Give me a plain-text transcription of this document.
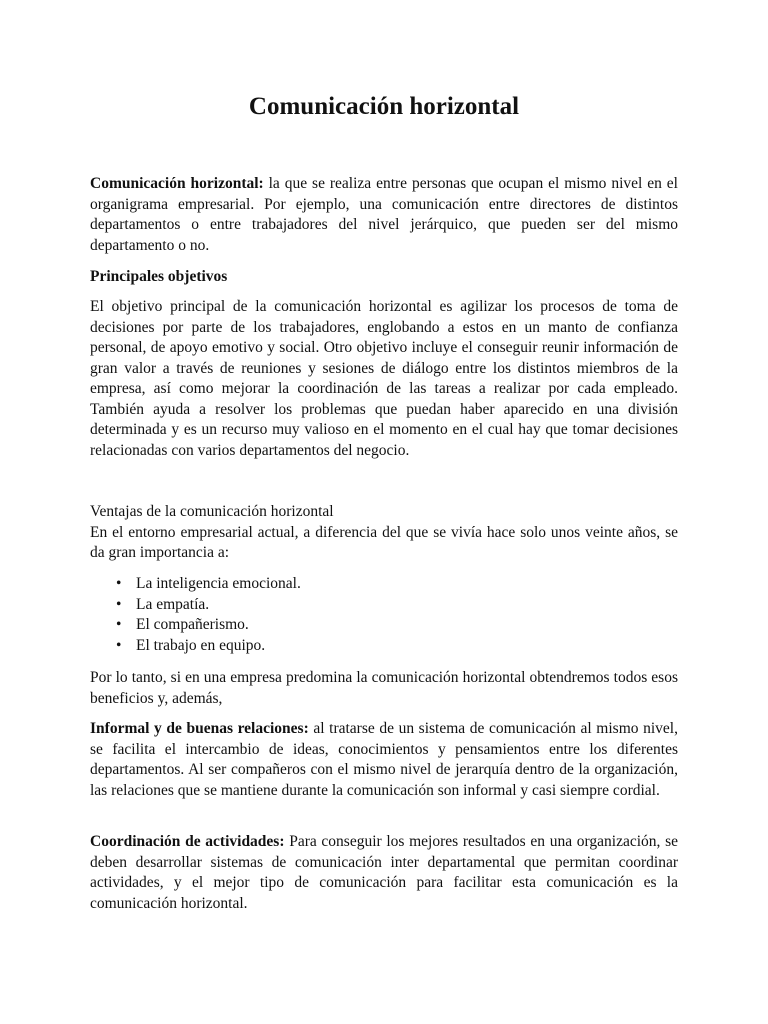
Comunicación horizontal
Comunicación horizontal: la que se realiza entre personas que ocupan el mismo nivel en el organigrama empresarial. Por ejemplo, una comunicación entre directores de distintos departamentos o entre trabajadores del nivel jerárquico, que pueden ser del mismo departamento o no.
Principales objetivos
El objetivo principal de la comunicación horizontal es agilizar los procesos de toma de decisiones por parte de los trabajadores, englobando a estos en un manto de confianza personal, de apoyo emotivo y social. Otro objetivo incluye el conseguir reunir información de gran valor a través de reuniones y sesiones de diálogo entre los distintos miembros de la empresa, así como mejorar la coordinación de las tareas a realizar por cada empleado. También ayuda a resolver los problemas que puedan haber aparecido en una división determinada y es un recurso muy valioso en el momento en el cual hay que tomar decisiones relacionadas con varios departamentos del negocio.
Ventajas de la comunicación horizontal
En el entorno empresarial actual, a diferencia del que se vivía hace solo unos veinte años, se da gran importancia a:
• La inteligencia emocional.
• La empatía.
• El compañerismo.
• El trabajo en equipo.
Por lo tanto, si en una empresa predomina la comunicación horizontal obtendremos todos esos beneficios y, además,
Informal y de buenas relaciones: al tratarse de un sistema de comunicación al mismo nivel, se facilita el intercambio de ideas, conocimientos y pensamientos entre los diferentes departamentos. Al ser compañeros con el mismo nivel de jerarquía dentro de la organización, las relaciones que se mantiene durante la comunicación son informal y casi siempre cordial.
Coordinación de actividades: Para conseguir los mejores resultados en una organización, se deben desarrollar sistemas de comunicación inter departamental que permitan coordinar actividades, y el mejor tipo de comunicación para facilitar esta comunicación es la comunicación horizontal.
